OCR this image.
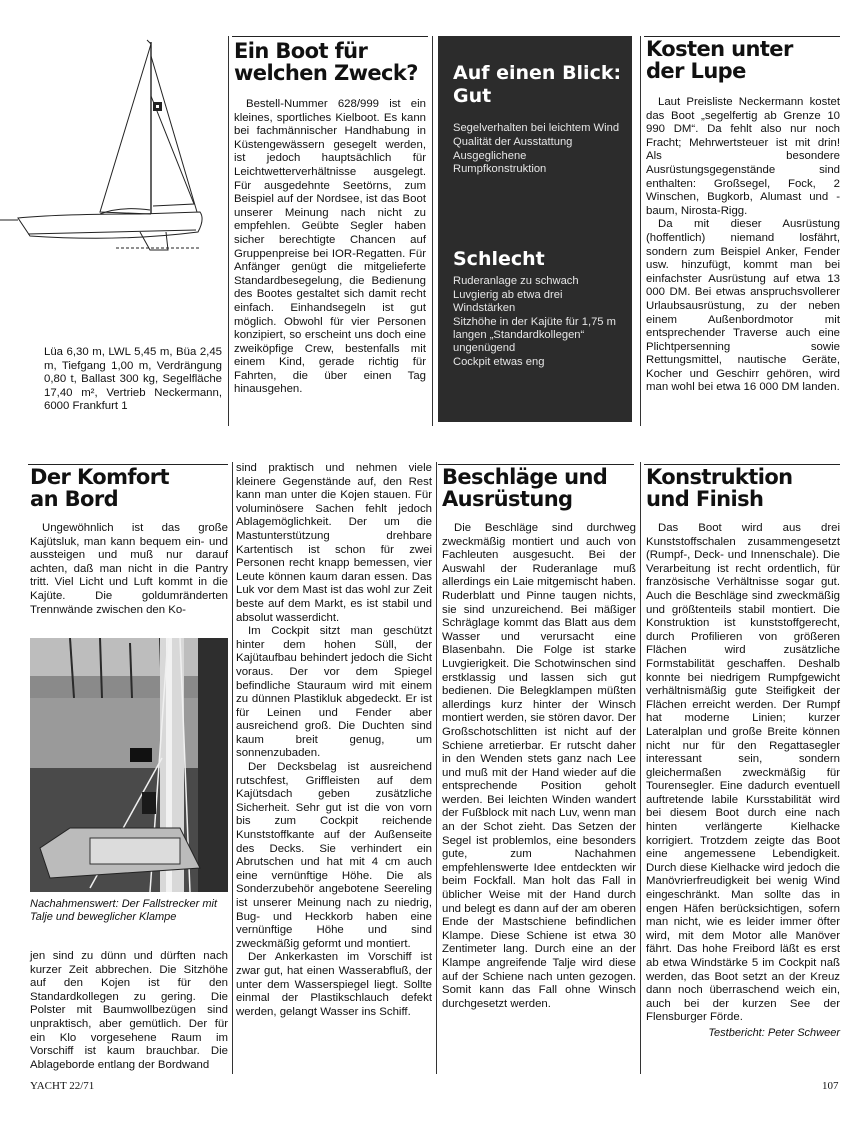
Lüa 6,30 m, LWL 5,45 m, Büa 2,45 m, Tiefgang 1,00 m, Verdrängung 0,80 t, Ballast 300 kg, Segelfläche 17,40 m², Vertrieb Neckermann, 6000 Frankfurt 1
Ein Boot für
welchen Zweck?

Bestell-Nummer 628/999 ist ein kleines, sportliches Kielboot. Es kann bei fachmännischer Handhabung in Küstengewässern gesegelt werden, ist jedoch hauptsächlich für Leichtwetterverhältnisse ausgelegt. Für ausgedehnte Seetörns, zum Beispiel auf der Nordsee, ist das Boot unserer Meinung nach nicht zu empfehlen. Geübte Segler haben sicher berechtigte Chancen auf Gruppenpreise bei IOR-Regatten. Für Anfänger genügt die mitgelieferte Standardbesegelung, die Bedienung des Bootes gestaltet sich damit recht einfach. Einhandsegeln ist gut möglich. Obwohl für vier Personen konzipiert, so erscheint uns doch eine zweiköpfige Crew, bestenfalls mit einem Kind, gerade richtig für Fahrten, die über einen Tag hinausgehen.

Auf einen Blick:
Gut

Segelverhalten bei leichtem Wind

Qualität der Ausstattung

Ausgeglichene Rumpfkonstruktion

Schlecht

Ruderanlage zu schwach

Luvgierig ab etwa drei Windstärken

Sitzhöhe in der Kajüte für 1,75 m langen „Standardkollegen“ ungenügend

Cockpit etwas eng

Kosten unter
der Lupe

Laut Preisliste Neckermann kostet das Boot „segelfertig ab Grenze 10 990 DM“. Da fehlt also nur noch Fracht; Mehrwertsteuer ist mit drin! Als besondere Ausrüstungsgegenstände sind enthalten: Großsegel, Fock, 2 Winschen, Bugkorb, Alumast und -baum, Nirosta-Rigg.

Da mit dieser Ausrüstung (hoffentlich) niemand losfährt, sondern zum Beispiel Anker, Fender usw. hinzufügt, kommt man bei einfachster Ausrüstung auf etwa 13 000 DM. Bei etwas anspruchsvollerer Urlaubsausrüstung, zu der neben einem Außenbordmotor mit entsprechender Traverse auch eine Plichtpersenning sowie Rettungsmittel, nautische Geräte, Kocher und Geschirr gehören, wird man wohl bei etwa 16 000 DM landen.

Der Komfort
an Bord

Ungewöhnlich ist das große Kajütsluk, man kann bequem ein- und aussteigen und muß nur darauf achten, daß man nicht in die Pantry tritt. Viel Licht und Luft kommt in die Kajüte. Die goldumränderten Trennwände zwischen den Ko-

Nachahmenswert: Der Fallstrecker mit Talje und beweglicher Klampe

jen sind zu dünn und dürften nach kurzer Zeit abbrechen. Die Sitzhöhe auf den Kojen ist für den Standardkollegen zu gering. Die Polster mit Baumwollbezügen sind unpraktisch, aber gemütlich. Der für ein Klo vorgesehene Raum im Vorschiff ist kaum brauchbar. Die Ablageborde entlang der Bordwand

sind praktisch und nehmen viele kleinere Gegenstände auf, den Rest kann man unter die Kojen stauen. Für voluminösere Sachen fehlt jedoch Ablagemöglichkeit. Der um die Mastunterstützung drehbare Kartentisch ist schon für zwei Personen recht knapp bemessen, vier Leute können kaum daran essen. Das Luk vor dem Mast ist das wohl zur Zeit beste auf dem Markt, es ist stabil und absolut wasserdicht.

Im Cockpit sitzt man geschützt hinter dem hohen Süll, der Kajütaufbau behindert jedoch die Sicht voraus. Der vor dem Spiegel befindliche Stauraum wird mit einem zu dünnen Plastikluk abgedeckt. Er ist für Leinen und Fender aber ausreichend groß. Die Duchten sind kaum breit genug, um sonnenzubaden.

Der Decksbelag ist ausreichend rutschfest, Griffleisten auf dem Kajütsdach geben zusätzliche Sicherheit. Sehr gut ist die von vorn bis zum Cockpit reichende Kunststoffkante auf der Außenseite des Decks. Sie verhindert ein Abrutschen und hat mit 4 cm auch eine vernünftige Höhe. Die als Sonderzubehör angebotene Seereling ist unserer Meinung nach zu niedrig, Bug- und Heckkorb haben eine vernünftige Höhe und sind zweckmäßig geformt und montiert.

Der Ankerkasten im Vorschiff ist zwar gut, hat einen Wasserabfluß, der unter dem Wasserspiegel liegt. Sollte einmal der Plastikschlauch defekt werden, gelangt Wasser ins Schiff.

Beschläge und
Ausrüstung

Die Beschläge sind durchweg zweckmäßig montiert und auch von Fachleuten ausgesucht. Bei der Auswahl der Ruderanlage muß allerdings ein Laie mitgemischt haben. Ruderblatt und Pinne taugen nichts, sie sind unzureichend. Bei mäßiger Schräglage kommt das Blatt aus dem Wasser und verursacht eine Blasenbahn. Die Folge ist starke Luvgierigkeit. Die Schotwinschen sind erstklassig und lassen sich gut bedienen. Die Belegklampen müßten allerdings kurz hinter der Winsch montiert werden, sie stören davor. Der Großschotschlitten ist nicht auf der Schiene arretierbar. Er rutscht daher in den Wenden stets ganz nach Lee und muß mit der Hand wieder auf die entsprechende Position geholt werden. Bei leichten Winden wandert der Fußblock mit nach Luv, wenn man an der Schot zieht. Das Setzen der Segel ist problemlos, eine besonders gute, zum Nachahmen empfehlenswerte Idee entdeckten wir beim Fockfall. Man holt das Fall in üblicher Weise mit der Hand durch und belegt es dann auf der am oberen Ende der Mastschiene befindlichen Klampe. Diese Schiene ist etwa 30 Zentimeter lang. Durch eine an der Klampe angreifende Talje wird diese auf der Schiene nach unten gezogen. Somit kann das Fall ohne Winsch durchgesetzt werden.

Konstruktion
und Finish

Das Boot wird aus drei Kunststoffschalen zusammengesetzt (Rumpf-, Deck- und Innenschale). Die Verarbeitung ist recht ordentlich, für französische Verhältnisse sogar gut. Auch die Beschläge sind zweckmäßig und größtenteils stabil montiert. Die Konstruktion ist kunststoffgerecht, durch Profilieren von größeren Flächen wird zusätzliche Formstabilität geschaffen. Deshalb konnte bei niedrigem Rumpfgewicht verhältnismäßig gute Steifigkeit der Flächen erreicht werden. Der Rumpf hat moderne Linien; kurzer Lateralplan und große Breite können nicht nur für den Regattasegler interessant sein, sondern gleichermaßen zweckmäßig für Tourensegler. Eine dadurch eventuell auftretende labile Kursstabilität wird bei diesem Boot durch eine nach hinten verlängerte Kielhacke korrigiert. Trotzdem zeigte das Boot eine angemessene Lebendigkeit. Durch diese Kielhacke wird jedoch die Manövrierfreudigkeit bei wenig Wind eingeschränkt. Man sollte das in engen Häfen berücksichtigen, sofern man nicht, wie es leider immer öfter wird, mit dem Motor alle Manöver fährt. Das hohe Freibord läßt es erst ab etwa Windstärke 5 im Cockpit naß werden, das Boot setzt an der Kreuz dann noch überraschend weich ein, auch bei der kurzen See der Flensburger Förde.

Testbericht: Peter Schweer
YACHT 22/71	107
